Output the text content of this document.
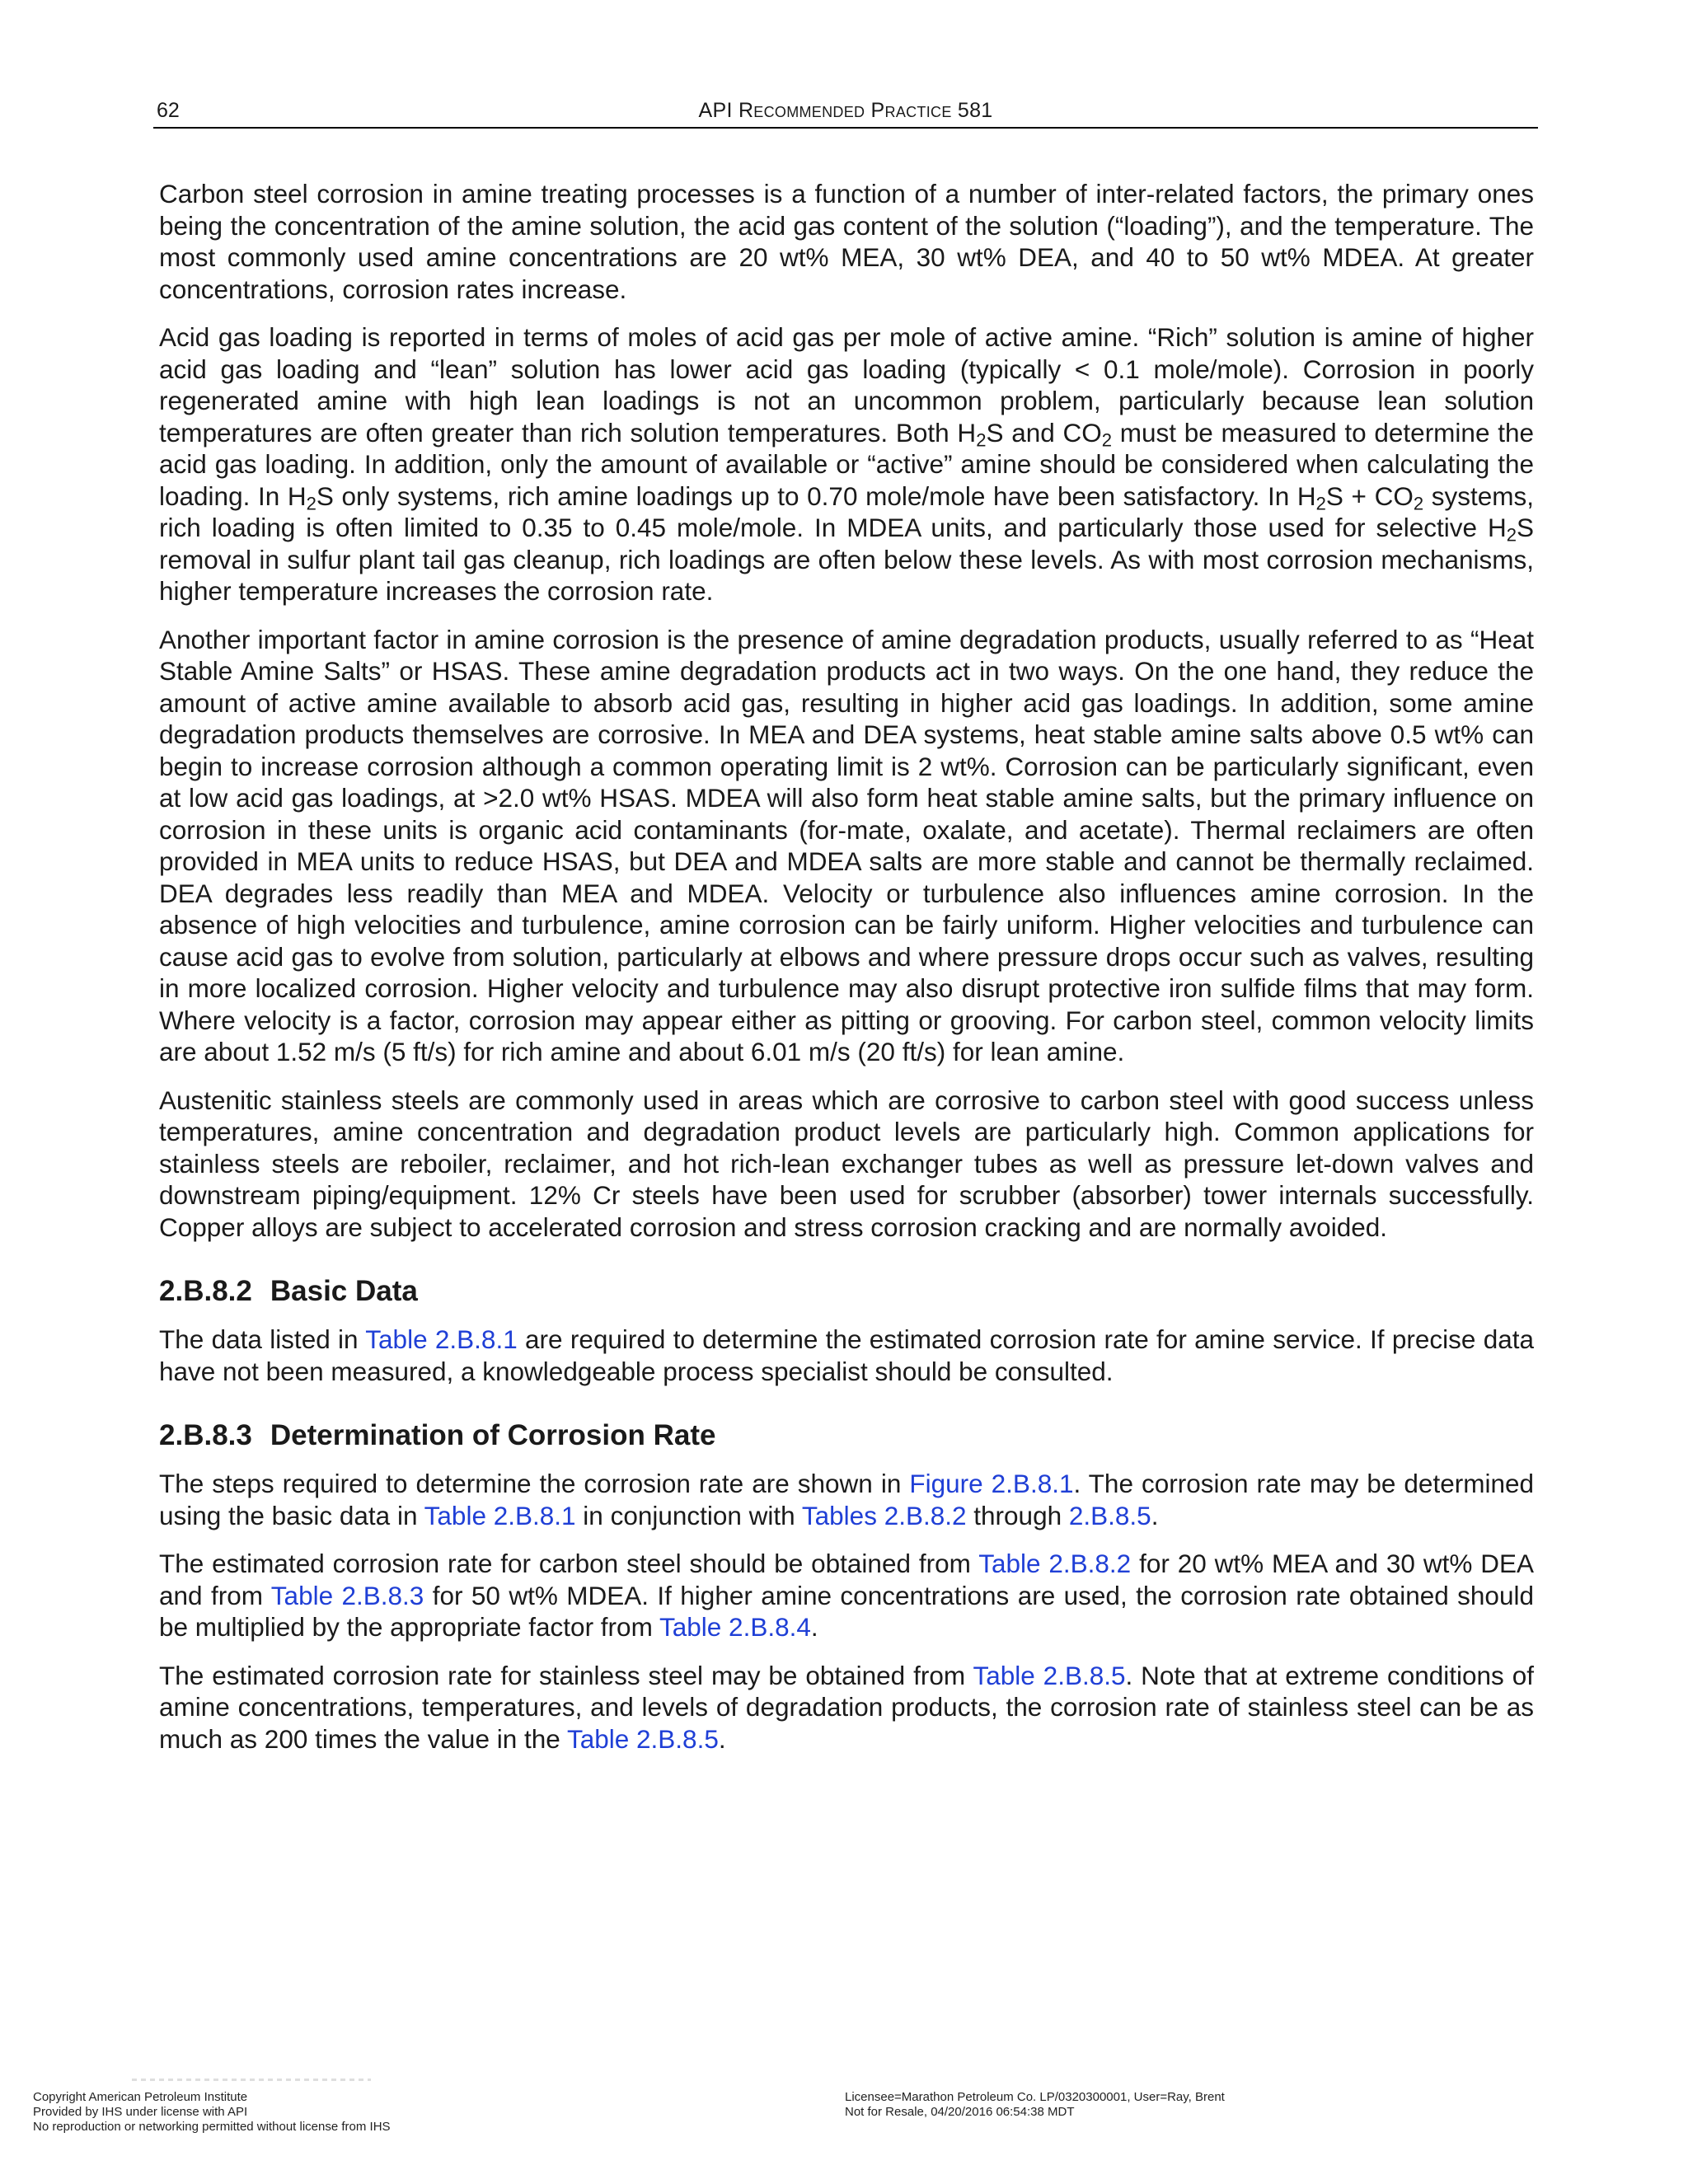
62	API Recommended Practice 581

Carbon steel corrosion in amine treating processes is a function of a number of inter-related factors, the primary ones being the concentration of the amine solution, the acid gas content of the solution (“loading”), and the temperature. The most commonly used amine concentrations are 20 wt% MEA, 30 wt% DEA, and 40 to 50 wt% MDEA. At greater concentrations, corrosion rates increase.

Acid gas loading is reported in terms of moles of acid gas per mole of active amine. “Rich” solution is amine of higher acid gas loading and “lean” solution has lower acid gas loading (typically < 0.1 mole/mole). Corrosion in poorly regenerated amine with high lean loadings is not an uncommon problem, particularly because lean solution temperatures are often greater than rich solution temperatures. Both $H_2S$ and $CO_2$ must be measured to determine the acid gas loading. In addition, only the amount of available or “active” amine should be considered when calculating the loading. In $H_2S$ only systems, rich amine loadings up to 0.70 mole/mole have been satisfactory. In $H_2S + CO_2$ systems, rich loading is often limited to 0.35 to 0.45 mole/mole. In MDEA units, and particularly those used for selective $H_2S$ removal in sulfur plant tail gas cleanup, rich loadings are often below these levels. As with most corrosion mechanisms, higher temperature increases the corrosion rate.

Another important factor in amine corrosion is the presence of amine degradation products, usually referred to as “Heat Stable Amine Salts” or HSAS. These amine degradation products act in two ways. On the one hand, they reduce the amount of active amine available to absorb acid gas, resulting in higher acid gas loadings. In addition, some amine degradation products themselves are corrosive. In MEA and DEA systems, heat stable amine salts above 0.5 wt% can begin to increase corrosion although a common operating limit is 2 wt%. Corrosion can be particularly significant, even at low acid gas loadings, at >2.0 wt% HSAS. MDEA will also form heat stable amine salts, but the primary influence on corrosion in these units is organic acid contaminants (for-mate, oxalate, and acetate). Thermal reclaimers are often provided in MEA units to reduce HSAS, but DEA and MDEA salts are more stable and cannot be thermally reclaimed. DEA degrades less readily than MEA and MDEA. Velocity or turbulence also influences amine corrosion. In the absence of high velocities and turbulence, amine corrosion can be fairly uniform. Higher velocities and turbulence can cause acid gas to evolve from solution, particularly at elbows and where pressure drops occur such as valves, resulting in more localized corrosion. Higher velocity and turbulence may also disrupt protective iron sulfide films that may form. Where velocity is a factor, corrosion may appear either as pitting or grooving. For carbon steel, common velocity limits are about 1.52 m/s (5 ft/s) for rich amine and about 6.01 m/s (20 ft/s) for lean amine.

Austenitic stainless steels are commonly used in areas which are corrosive to carbon steel with good success unless temperatures, amine concentration and degradation product levels are particularly high. Common applications for stainless steels are reboiler, reclaimer, and hot rich-lean exchanger tubes as well as pressure let-down valves and downstream piping/equipment. 12% Cr steels have been used for scrubber (absorber) tower internals successfully. Copper alloys are subject to accelerated corrosion and stress corrosion cracking and are normally avoided.

2.B.8.2 Basic Data

The data listed in Table 2.B.8.1 are required to determine the estimated corrosion rate for amine service. If precise data have not been measured, a knowledgeable process specialist should be consulted.

2.B.8.3 Determination of Corrosion Rate

The steps required to determine the corrosion rate are shown in Figure 2.B.8.1. The corrosion rate may be determined using the basic data in Table 2.B.8.1 in conjunction with Tables 2.B.8.2 through 2.B.8.5.

The estimated corrosion rate for carbon steel should be obtained from Table 2.B.8.2 for 20 wt% MEA and 30 wt% DEA and from Table 2.B.8.3 for 50 wt% MDEA. If higher amine concentrations are used, the corrosion rate obtained should be multiplied by the appropriate factor from Table 2.B.8.4.

The estimated corrosion rate for stainless steel may be obtained from Table 2.B.8.5. Note that at extreme conditions of amine concentrations, temperatures, and levels of degradation products, the corrosion rate of stainless steel can be as much as 200 times the value in the Table 2.B.8.5.

Copyright American Petroleum Institute
Provided by IHS under license with API
No reproduction or networking permitted without license from IHS
Licensee=Marathon Petroleum Co. LP/0320300001, User=Ray, Brent
Not for Resale, 04/20/2016 06:54:38 MDT
